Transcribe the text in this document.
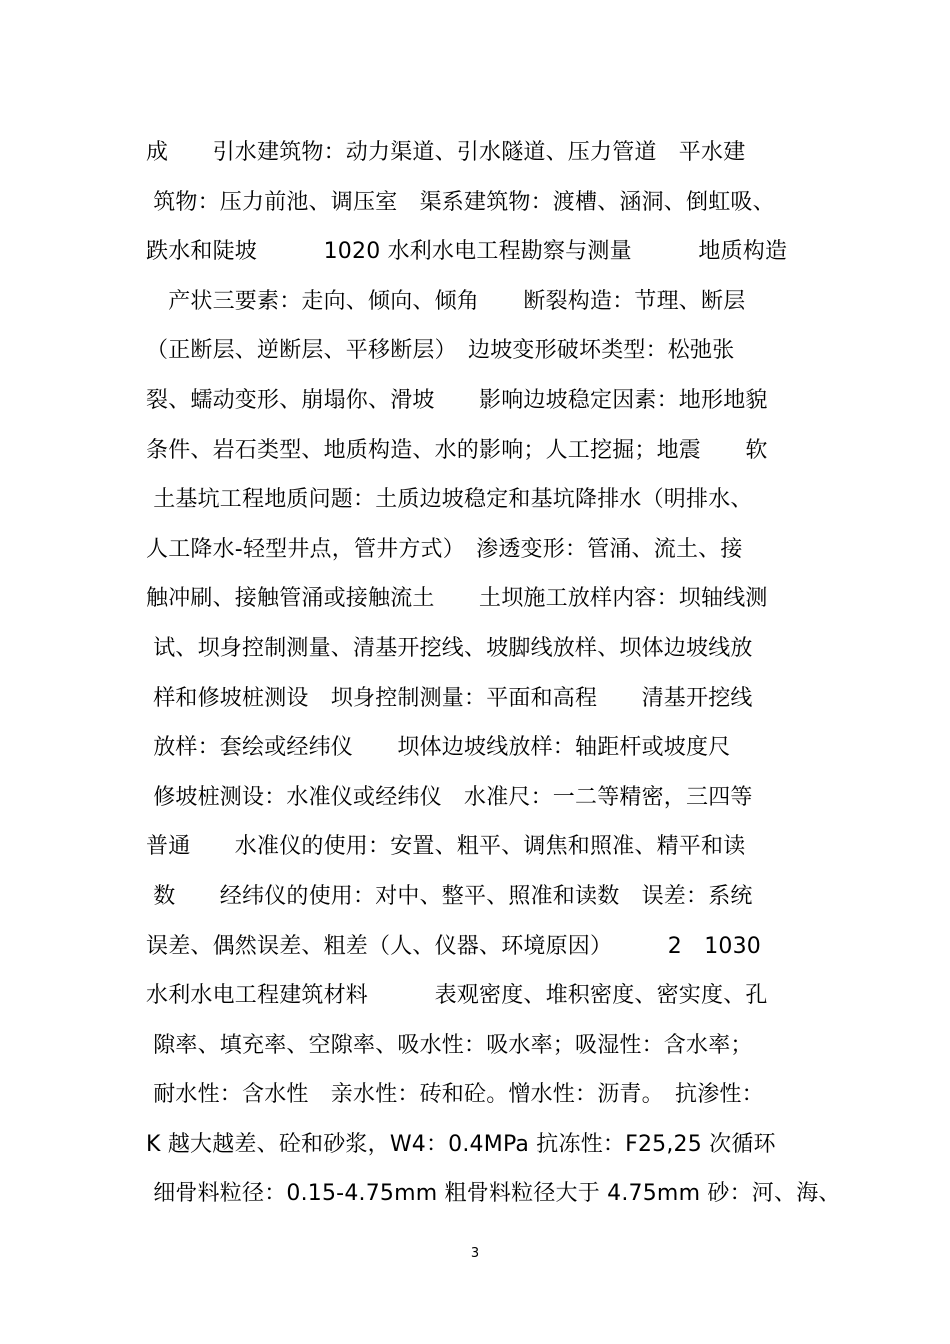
成　　引水建筑物：动力渠道、引水隧道、压力管道　平水建
筑物：压力前池、调压室　渠系建筑物：渡槽、涵洞、倒虹吸、
跌水和陡坡　　　1020 水利水电工程勘察与测量　　　地质构造
　产状三要素：走向、倾向、倾角　　断裂构造：节理、断层
（正断层、逆断层、平移断层）　边坡变形破坏类型：松弛张
裂、蠕动变形、崩塌你、滑坡　　影响边坡稳定因素：地形地貌
条件、岩石类型、地质构造、水的影响；人工挖掘；地震　　软
土基坑工程地质问题：土质边坡稳定和基坑降排水（明排水、
人工降水-轻型井点，管井方式）　渗透变形：管涌、流土、接
触冲刷、接触管涌或接触流土　　土坝施工放样内容：坝轴线测
试、坝身控制测量、清基开挖线、坡脚线放样、坝体边坡线放
样和修坡桩测设　坝身控制测量：平面和高程　　清基开挖线
放样：套绘或经纬仪　　坝体边坡线放样：轴距杆或坡度尺
修坡桩测设：水准仪或经纬仪　水准尺：一二等精密，三四等
普通　　水准仪的使用：安置、粗平、调焦和照准、精平和读
数　　经纬仪的使用：对中、整平、照准和读数　误差：系统
误差、偶然误差、粗差（人、仪器、环境原因）　　　2　1030
水利水电工程建筑材料　　　表观密度、堆积密度、密实度、孔
隙率、填充率、空隙率、吸水性：吸水率；吸湿性：含水率；
耐水性：含水性　亲水性：砖和砼。憎水性：沥青。　抗渗性：
K 越大越差、砼和砂浆，W4：0.4MPa 抗冻性：F25,25 次循环
细骨料粒径：0.15-4.75mm 粗骨料粒径大于 4.75mm 砂：河、海、
3
